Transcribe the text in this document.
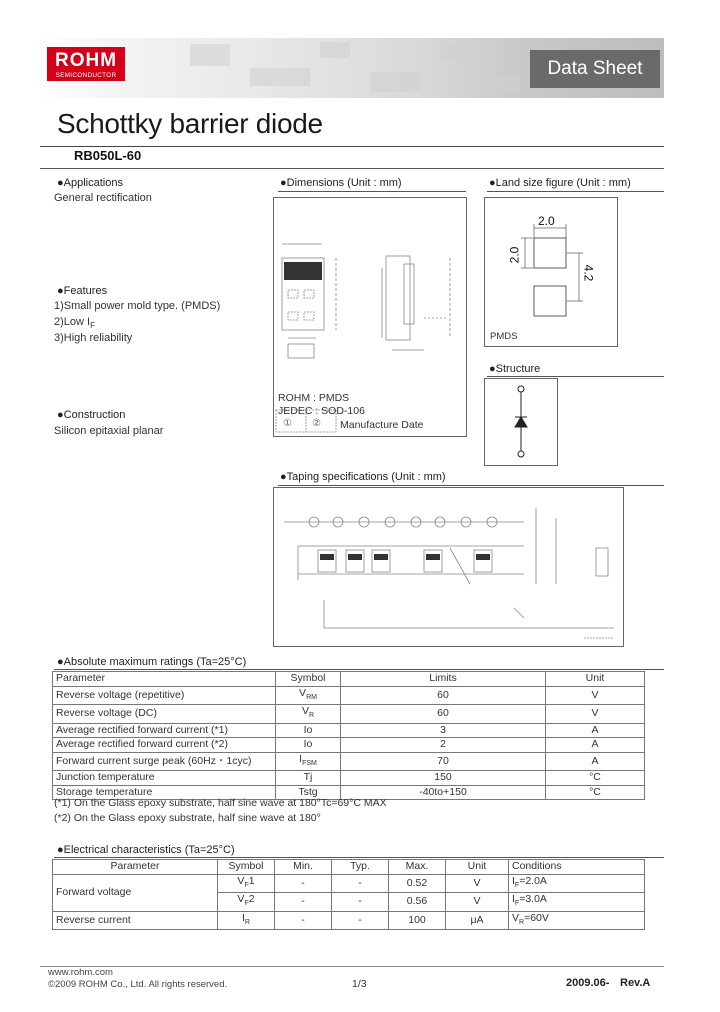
ROHM
SEMICONDUCTOR	Data Sheet
Schottky barrier diode
RB050L-60
●Applications
General rectification
●Features
1)Small power mold type. (PMDS)
2)Low $I_F$
3)High reliability
●Construction
Silicon epitaxial planar
●Dimensions (Unit : mm)
ROHM : PMDS
JEDEC : SOD-106
① ② Manufacture Date
●Land size figure (Unit : mm)
2.0
2.0
4.2
PMDS
●Structure
●Taping specifications (Unit : mm)
●Absolute maximum ratings (Ta=25°C)
Parameter	Symbol	Limits	Unit
Reverse voltage (repetitive)	$V_{RM}$	60	V
Reverse voltage (DC)	$V_R$	60	V
Average rectified forward current (*1)	Io	3	A
Average rectified forward current (*2)	Io	2	A
Forward current surge peak (60Hz・1cyc)	$I_{FSM}$	70	A
Junction temperature	Tj	150	°C
Storage temperature	Tstg	-40to+150	°C
(*1) On the Glass epoxy substrate, half sine wave at 180°Tc=69°C MAX
(*2) On the Glass epoxy substrate, half sine wave at 180°
●Electrical characteristics (Ta=25°C)
Parameter	Symbol	Min.	Typ.	Max.	Unit	Conditions
Forward voltage	$V_F1$	-	-	0.52	V	$I_F=2.0A$
	$V_F2$	-	-	0.56	V	$I_F=3.0A$
Reverse current	$I_R$	-	-	100	μA	$V_R=60V$
www.rohm.com
©2009 ROHM Co., Ltd. All rights reserved.	1/3	2009.06- Rev.A
